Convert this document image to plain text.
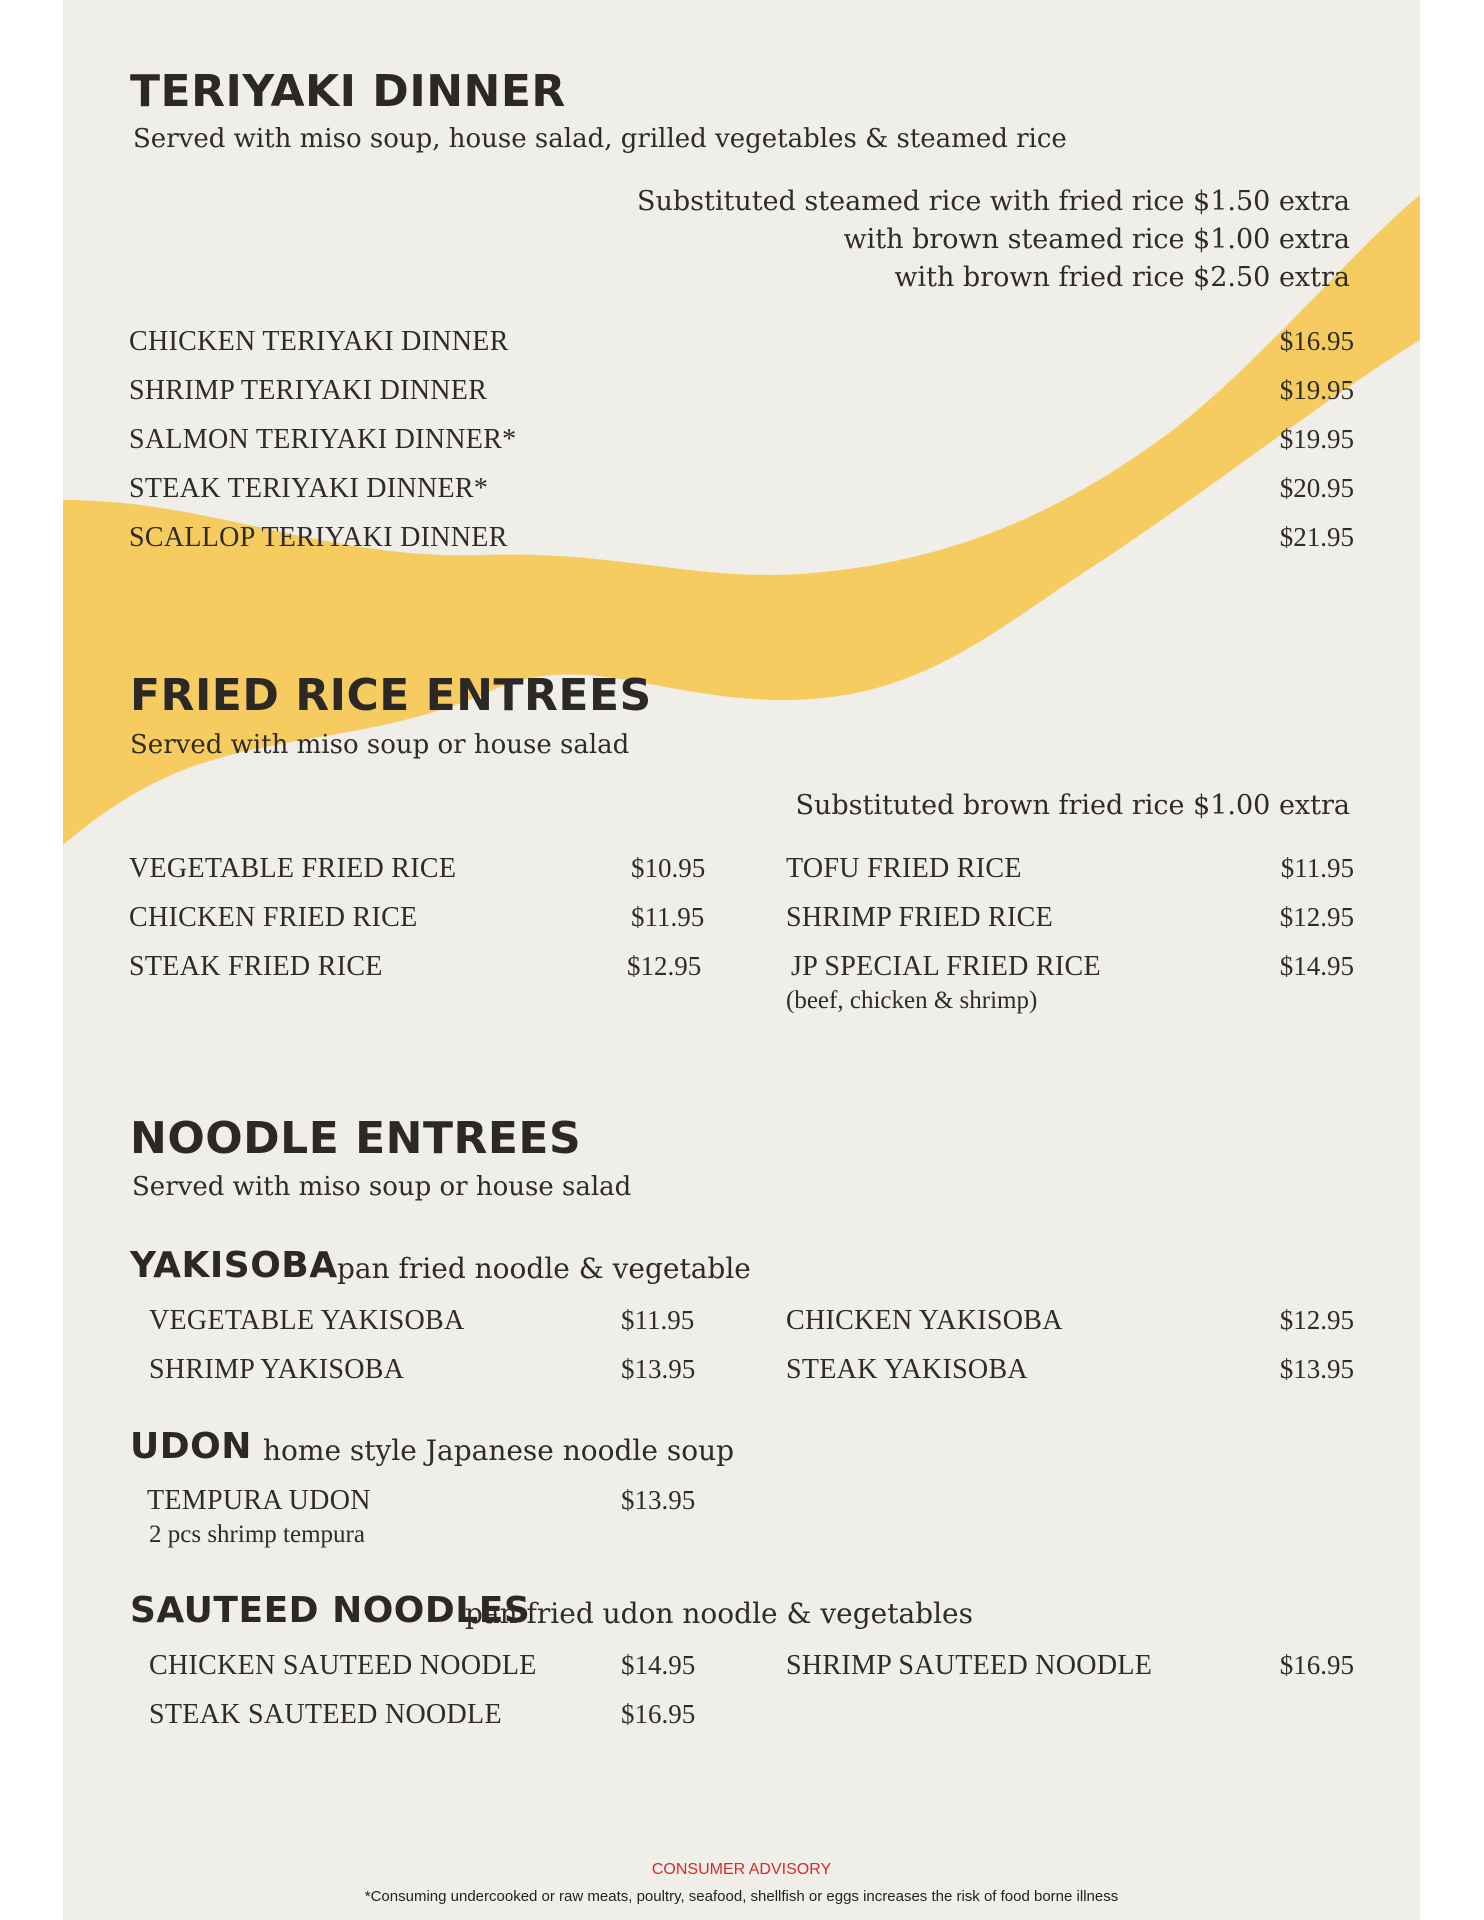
TERIYAKI DINNER
Served with miso soup, house salad, grilled vegetables & steamed rice
Substituted steamed rice with fried rice $1.50 extra
with brown steamed rice $1.00 extra
with brown fried rice $2.50 extra
CHICKEN TERIYAKI DINNER	$16.95
SHRIMP TERIYAKI DINNER	$19.95
SALMON TERIYAKI DINNER*	$19.95
STEAK TERIYAKI DINNER*	$20.95
SCALLOP TERIYAKI DINNER	$21.95
FRIED RICE ENTREES
Served with miso soup or house salad
Substituted brown fried rice $1.00 extra
VEGETABLE FRIED RICE	$10.95
CHICKEN FRIED RICE	$11.95
STEAK FRIED RICE	$12.95
TOFU FRIED RICE	$11.95
SHRIMP FRIED RICE	$12.95
JP SPECIAL FRIED RICE	$14.95
(beef, chicken & shrimp)
NOODLE ENTREES
Served with miso soup or house salad
YAKISOBA pan fried noodle & vegetable
VEGETABLE YAKISOBA	$11.95
SHRIMP YAKISOBA	$13.95
CHICKEN YAKISOBA	$12.95
STEAK YAKISOBA	$13.95
UDON home style Japanese noodle soup
TEMPURA UDON	$13.95
2 pcs shrimp tempura
SAUTEED NOODLES
pan fried udon noodle & vegetables
CHICKEN SAUTEED NOODLE	$14.95
STEAK SAUTEED NOODLE	$16.95
SHRIMP SAUTEED NOODLE	$16.95
CONSUMER ADVISORY
*Consuming undercooked or raw meats, poultry, seafood, shellfish or eggs increases the risk of food borne illness
